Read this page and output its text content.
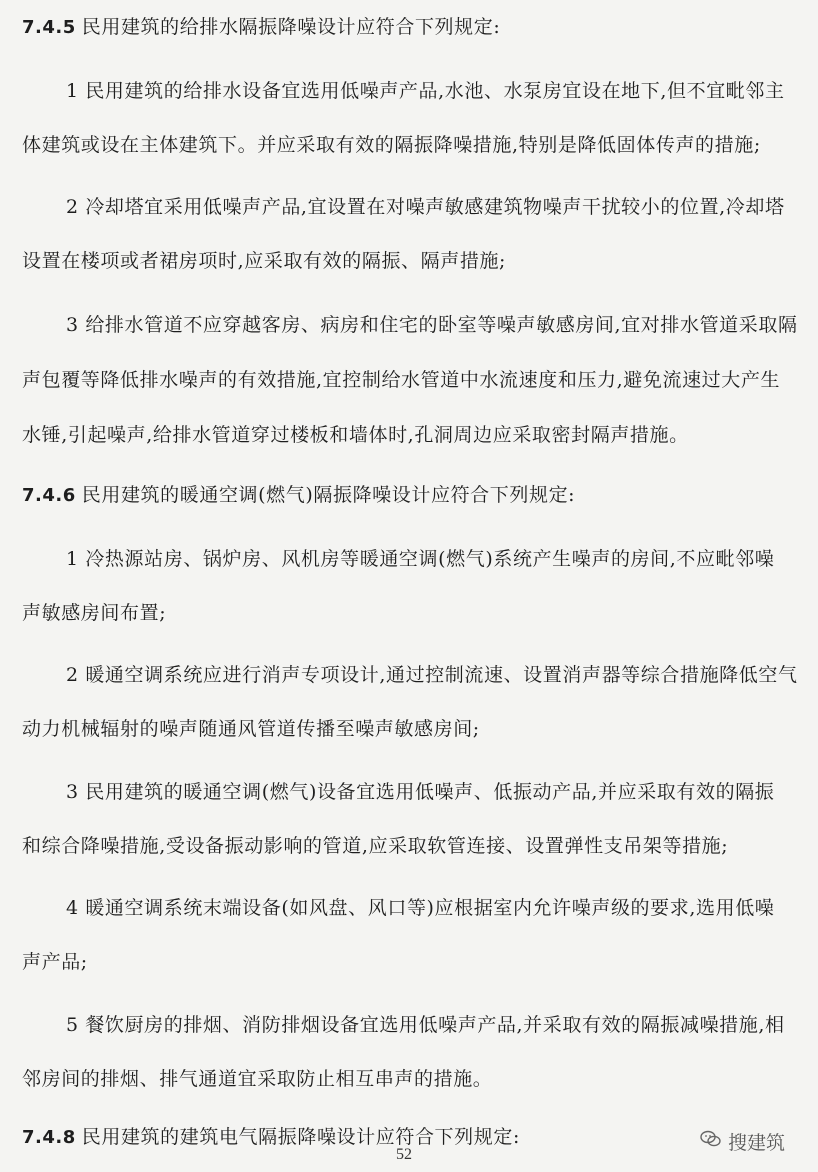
7.4.5 民用建筑的给排水隔振降噪设计应符合下列规定:
1 民用建筑的给排水设备宜选用低噪声产品,水池、水泵房宜设在地下,但不宜毗邻主
体建筑或设在主体建筑下。并应采取有效的隔振降噪措施,特别是降低固体传声的措施;
2 冷却塔宜采用低噪声产品,宜设置在对噪声敏感建筑物噪声干扰较小的位置,冷却塔
设置在楼项或者裙房项时,应采取有效的隔振、隔声措施;
3 给排水管道不应穿越客房、病房和住宅的卧室等噪声敏感房间,宜对排水管道采取隔
声包覆等降低排水噪声的有效措施,宜控制给水管道中水流速度和压力,避免流速过大产生
水锤,引起噪声,给排水管道穿过楼板和墙体时,孔洞周边应采取密封隔声措施。
7.4.6 民用建筑的暖通空调(燃气)隔振降噪设计应符合下列规定:
1 冷热源站房、锅炉房、风机房等暖通空调(燃气)系统产生噪声的房间,不应毗邻噪
声敏感房间布置;
2 暖通空调系统应进行消声专项设计,通过控制流速、设置消声器等综合措施降低空气
动力机械辐射的噪声随通风管道传播至噪声敏感房间;
3 民用建筑的暖通空调(燃气)设备宜选用低噪声、低振动产品,并应采取有效的隔振
和综合降噪措施,受设备振动影响的管道,应采取软管连接、设置弹性支吊架等措施;
4 暖通空调系统末端设备(如风盘、风口等)应根据室内允许噪声级的要求,选用低噪
声产品;
5 餐饮厨房的排烟、消防排烟设备宜选用低噪声产品,并采取有效的隔振减噪措施,相
邻房间的排烟、排气通道宜采取防止相互串声的措施。
7.4.8 民用建筑的建筑电气隔振降噪设计应符合下列规定:
52
搜建筑
